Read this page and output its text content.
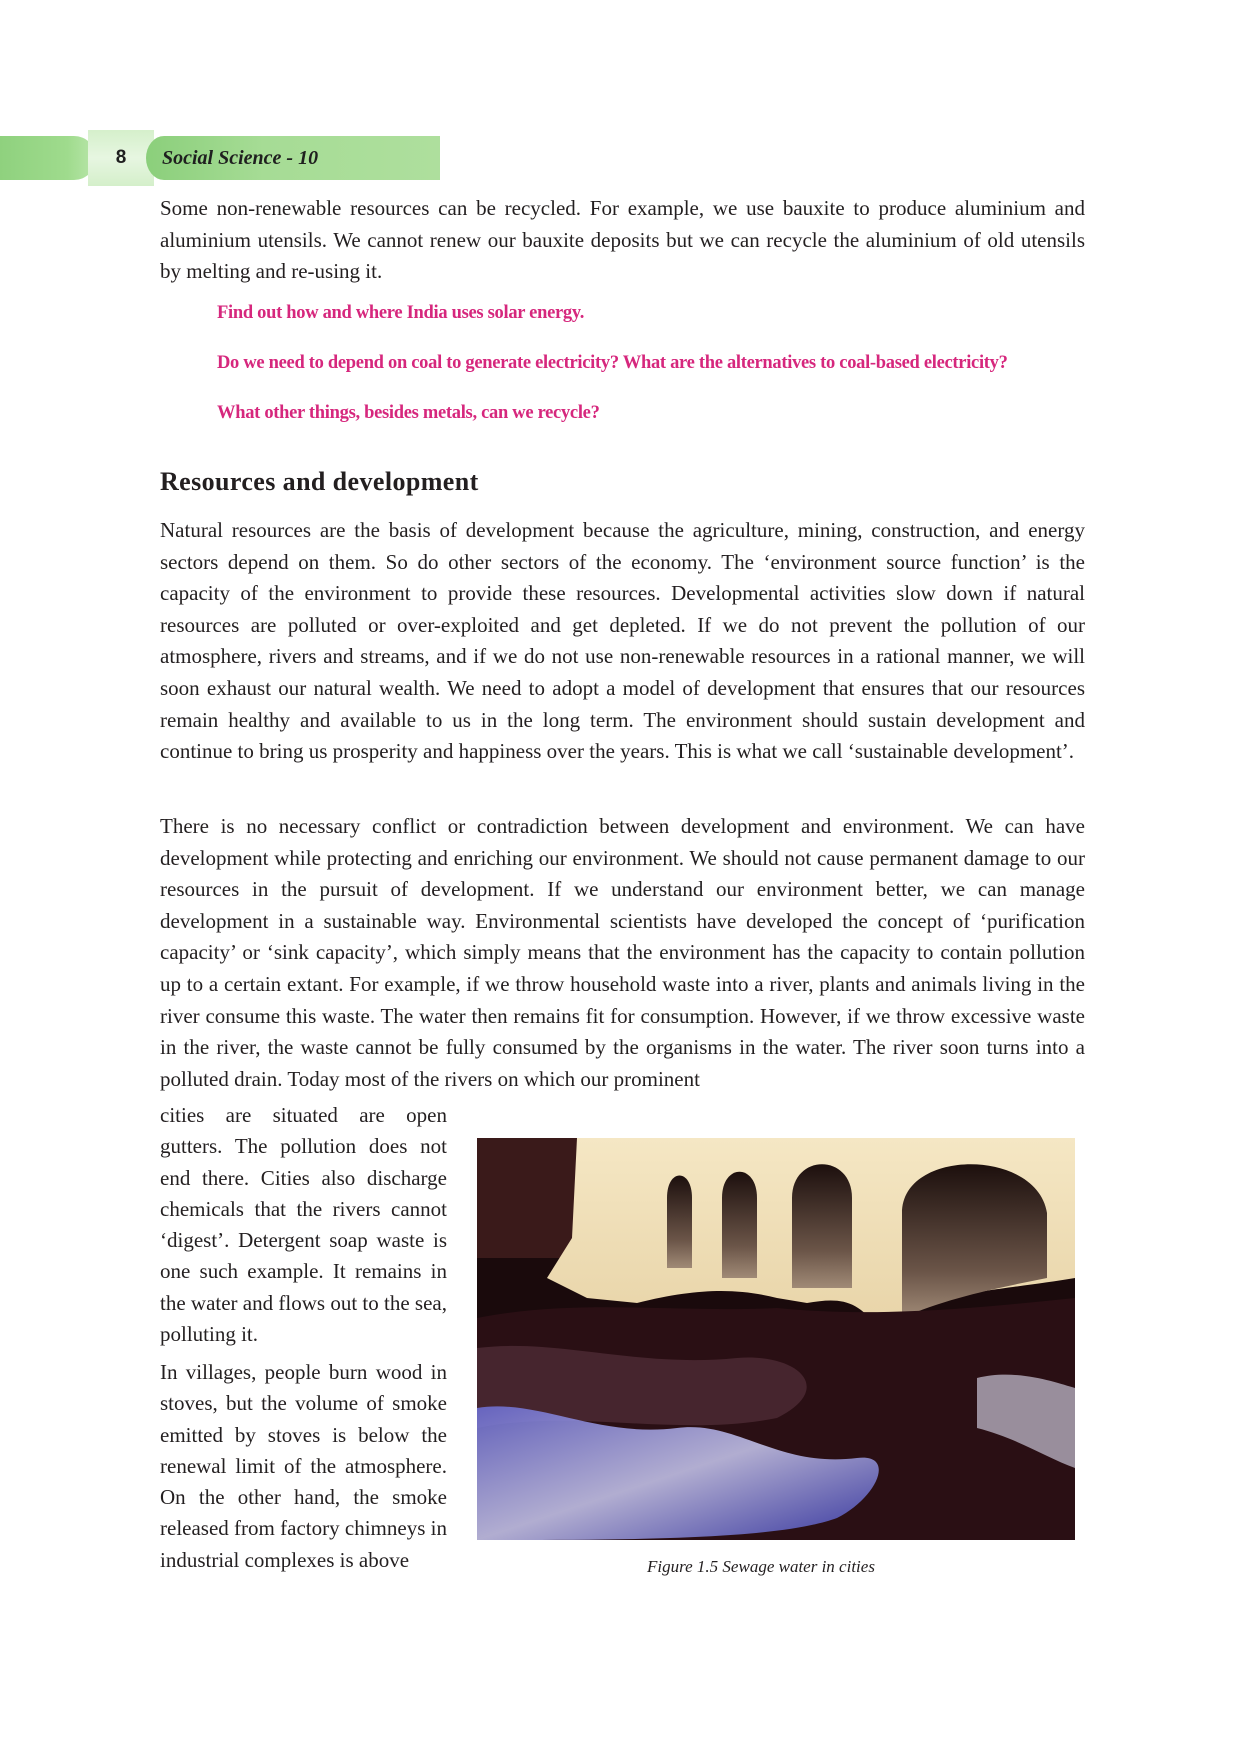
8	Social Science - 10

Some non-renewable resources can be recycled. For example, we use bauxite to produce aluminium and aluminium utensils. We cannot renew our bauxite deposits but we can recycle the aluminium of old utensils by melting and re-using it.

Find out how and where India uses solar energy.
Do we need to depend on coal to generate electricity? What are the alternatives to coal-based electricity?
What other things, besides metals, can we recycle?
Resources and development

Natural resources are the basis of development because the agriculture, mining, construction, and energy sectors depend on them. So do other sectors of the economy. The ‘environment source function’ is the capacity of the environment to provide these resources. Developmental activities slow down if natural resources are polluted or over-exploited and get depleted. If we do not prevent the pollution of our atmosphere, rivers and streams, and if we do not use non-renewable resources in a rational manner, we will soon exhaust our natural wealth. We need to adopt a model of development that ensures that our resources remain healthy and available to us in the long term. The environment should sustain development and continue to bring us prosperity and happiness over the years. This is what we call ‘sustainable development’.

There is no necessary conflict or contradiction between development and environment. We can have development while protecting and enriching our environment. We should not cause permanent damage to our resources in the pursuit of development. If we understand our environment better, we can manage development in a sustainable way. Environmental scientists have developed the concept of ‘purification capacity’ or ‘sink capacity’, which simply means that the environment has the capacity to contain pollution up to a certain extant. For example, if we throw household waste into a river, plants and animals living in the river consume this waste. The water then remains fit for consumption. However, if we throw excessive waste in the river, the waste cannot be fully consumed by the organisms in the water. The river soon turns into a polluted drain. Today most of the rivers on which our prominent

cities are situated are open gutters. The pollution does not end there. Cities also discharge chemicals that the rivers cannot ‘digest’. Detergent soap waste is one such example. It remains in the water and flows out to the sea, polluting it.

In villages, people burn wood in stoves, but the volume of smoke emitted by stoves is below the renewal limit of the atmosphere. On the other hand, the smoke released from factory chimneys in industrial complexes is above	Figure 1.5 Sewage water in cities
